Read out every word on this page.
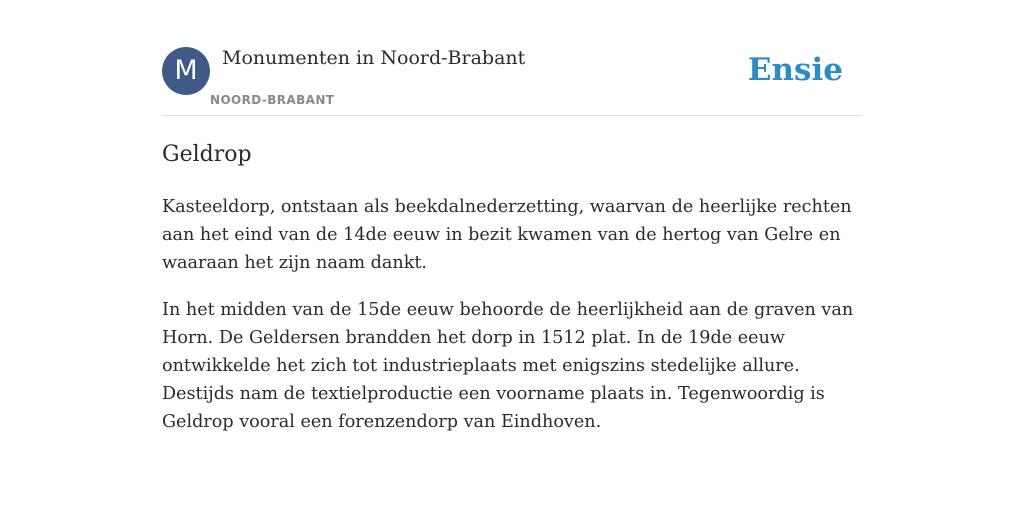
M	Monumenten in Noord-Brabant
NOORD-BRABANT
Ensie
Geldrop

Kasteeldorp, ontstaan als beekdalnederzetting, waarvan de heerlijke rechten aan het eind van de 14de eeuw in bezit kwamen van de hertog van Gelre en waaraan het zijn naam dankt.

In het midden van de 15de eeuw behoorde de heerlijkheid aan de graven van Horn. De Geldersen brandden het dorp in 1512 plat. In de 19de eeuw ontwikkelde het zich tot industrieplaats met enigszins stedelijke allure. Destijds nam de textielproductie een voorname plaats in. Tegenwoordig is Geldrop vooral een forenzendorp van Eindhoven.
